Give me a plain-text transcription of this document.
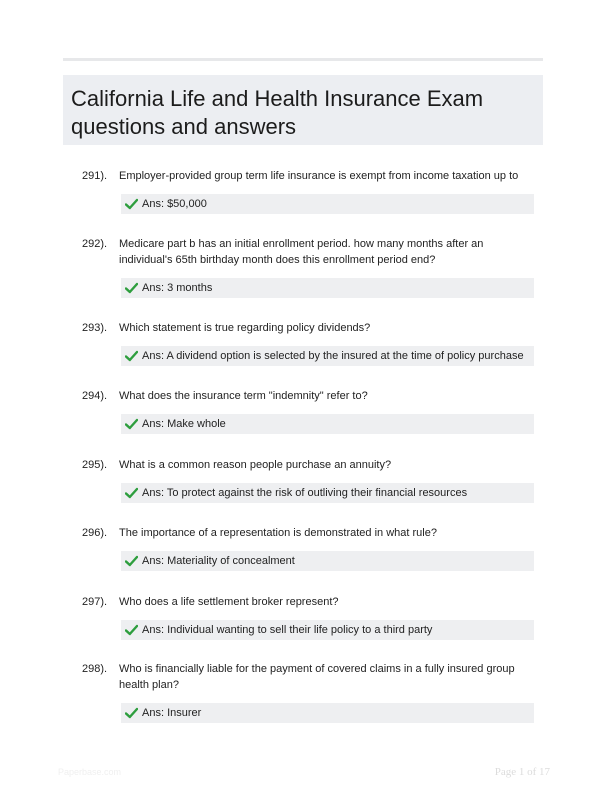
California Life and Health Insurance Exam questions and answers
291). Employer-provided group term life insurance is exempt from income taxation up to
Ans: $50,000
292). Medicare part b has an initial enrollment period. how many months after an individual's 65th birthday month does this enrollment period end?
Ans: 3 months
293). Which statement is true regarding policy dividends?
Ans: A dividend option is selected by the insured at the time of policy purchase
294). What does the insurance term "indemnity" refer to?
Ans: Make whole
295). What is a common reason people purchase an annuity?
Ans: To protect against the risk of outliving their financial resources
296). The importance of a representation is demonstrated in what rule?
Ans: Materiality of concealment
297). Who does a life settlement broker represent?
Ans: Individual wanting to sell their life policy to a third party
298). Who is financially liable for the payment of covered claims in a fully insured group health plan?
Ans: Insurer
Paperbase.com	Page 1 of 17
